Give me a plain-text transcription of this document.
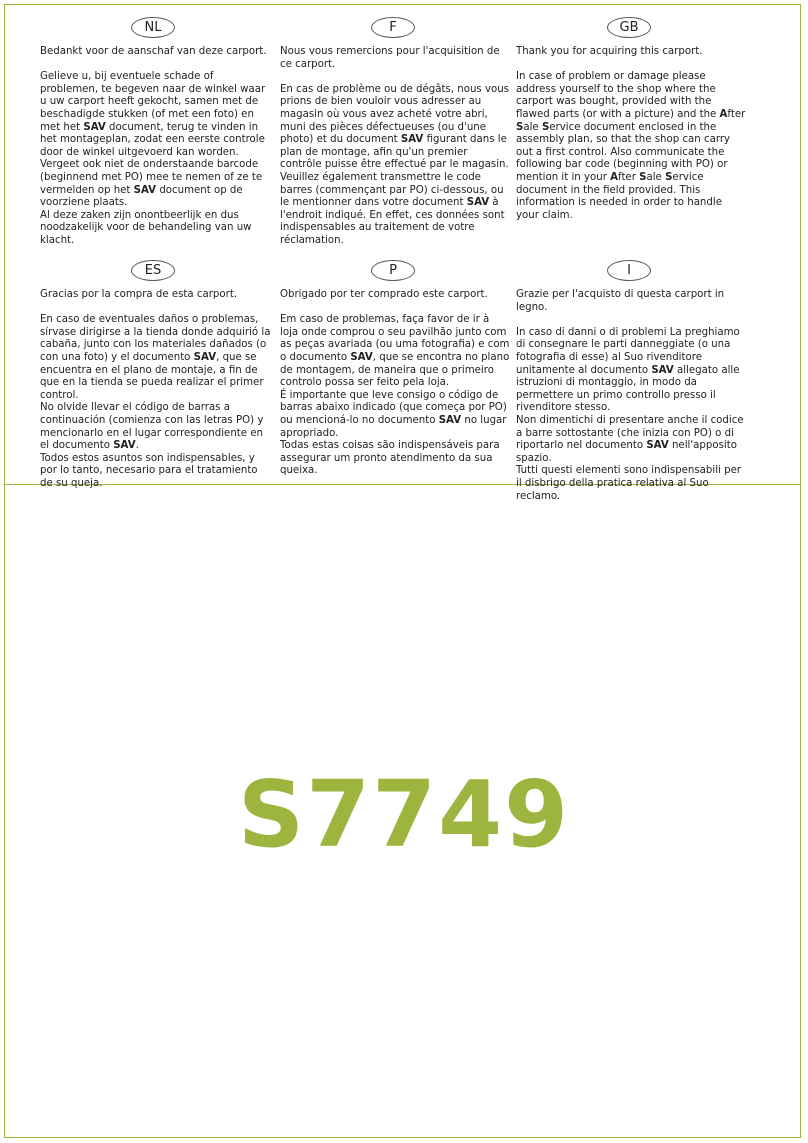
NL	F	GB

Bedankt voor de aanschaf van deze carport.

Gelieve u, bij eventuele schade of problemen, te begeven naar de winkel waar u uw carport heeft gekocht, samen met de beschadigde stukken (of met een foto) en met het SAV document, terug te vinden in het montageplan, zodat een eerste controle door de winkel uitgevoerd kan worden. Vergeet ook niet de onderstaande barcode (beginnend met PO) mee te nemen of ze te vermelden op het SAV document op de voorziene plaats.

Al deze zaken zijn onontbeerlijk en dus noodzakelijk voor de behandeling van uw klacht.

Nous vous remercions pour l'acquisition de ce carport.

En cas de problème ou de dégâts, nous vous prions de bien vouloir vous adresser au magasin où vous avez acheté votre abri, muni des pièces défectueuses (ou d'une photo) et du document SAV figurant dans le plan de montage, afin qu'un premier contrôle puisse être effectué par le magasin. Veuillez également transmettre le code barres (commençant par PO) ci-dessous, ou le mentionner dans votre document SAV à l'endroit indiqué. En effet, ces données sont indispensables au traitement de votre réclamation.

Thank you for acquiring this carport.

In case of problem or damage please address yourself to the shop where the carport was bought, provided with the flawed parts (or with a picture) and the After Sale Service document enclosed in the assembly plan, so that the shop can carry out a first control. Also communicate the following bar code (beginning with PO) or mention it in your After Sale Service document in the field provided. This information is needed in order to handle your claim.

ES	P	I

Gracias por la compra de esta carport.

En caso de eventuales daños o problemas, sírvase dirigirse a la tienda donde adquirió la cabaña, junto con los materiales dañados (o con una foto) y el documento SAV, que se encuentra en el plano de montaje, a fin de que en la tienda se pueda realizar el primer control.

No olvide llevar el código de barras a continuación (comienza con las letras PO) y mencionarlo en el lugar correspondiente en el documento SAV.

Todos estos asuntos son indispensables, y por lo tanto, necesario para el tratamiento de su queja.

Obrigado por ter comprado este carport.

Em caso de problemas, faça favor de ir à loja onde comprou o seu pavilhão junto com as peças avariada (ou uma fotografia) e com o documento SAV, que se encontra no plano de montagem, de maneira que o primeiro controlo possa ser feito pela loja.

É importante que leve consigo o código de barras abaixo indicado (que começa por PO) ou mencioná-lo no documento SAV no lugar apropriado.

Todas estas coisas são indispensáveis para assegurar um pronto atendimento da sua queixa.

Grazie per l'acquisto di questa carport in legno.

In caso di danni o di problemi La preghiamo di consegnare le parti danneggiate (o una fotografia di esse) al Suo rivenditore unitamente al documento SAV allegato alle istruzioni di montaggio, in modo da permettere un primo controllo presso il rivenditore stesso.

Non dimentichi di presentare anche il codice a barre sottostante (che inizia con PO) o di riportarlo nel documento SAV nell'apposito spazio.

Tutti questi elementi sono indispensabili per il disbrigo della pratica relativa al Suo reclamo.

S7749
